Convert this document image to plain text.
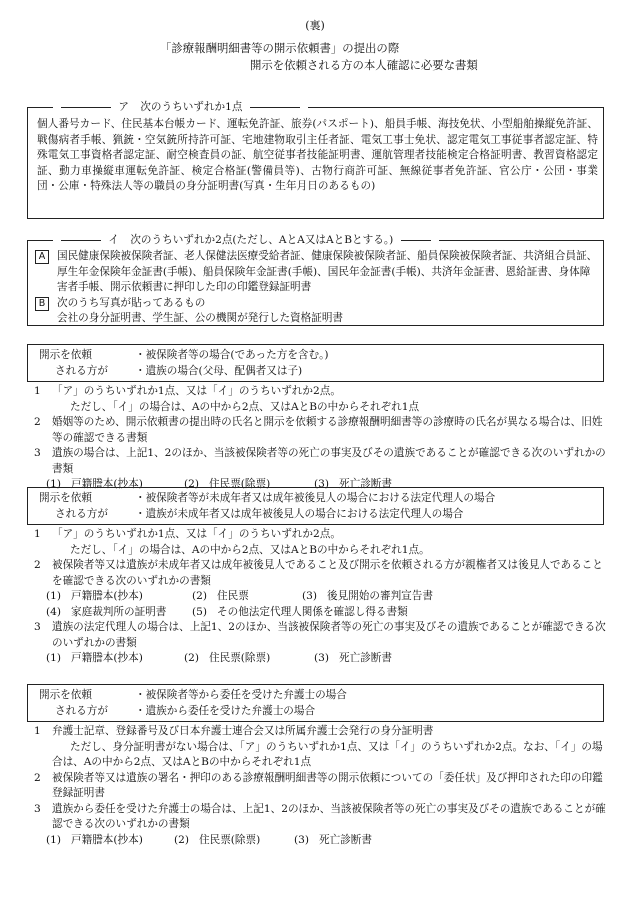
(裏)
「診療報酬明細書等の開示依頼書」の提出の際
開示を依頼される方の本人確認に必要な書類
ア 次のうちいずれか1点

個人番号カード、住民基本台帳カード、運転免許証、旅券(パスポート)、船員手帳、海技免状、小型船舶操縦免許証、戦傷病者手帳、猟銃・空気銃所持許可証、宅地建物取引主任者証、電気工事士免状、認定電気工事従事者認定証、特殊電気工事資格者認定証、耐空検査員の証、航空従事者技能証明書、運航管理者技能検定合格証明書、教習資格認定証、動力車操縦車運転免許証、検定合格証(警備員等)、古物行商許可証、無線従事者免許証、官公庁・公団・事業団・公庫・特殊法人等の職員の身分証明書(写真・生年月日のあるもの)

イ 次のうちいずれか2点(ただし、AとA又はAとBとする。)
A	国民健康保険被保険者証、老人保健法医療受給者証、健康保険被保険者証、船員保険被保険者証、共済組合員証、厚生年金保険年金証書(手帳)、船員保険年金証書(手帳)、国民年金証書(手帳)、共済年金証書、恩給証書、身体障害者手帳、開示依頼書に押印した印の印鑑登録証明書
B	次のうち写真が貼ってあるもの
会社の身分証明書、学生証、公の機関が発行した資格証明書
開示を依頼	・被保険者等の場合(であった方を含む。)
される方が	・遺族の場合(父母、配偶者又は子)
1	「ア」のうちいずれか1点、又は「イ」のうちいずれか2点。
ただし、「イ」の場合は、Aの中から2点、又はAとBの中からそれぞれ1点
2	婚姻等のため、開示依頼書の提出時の氏名と開示を依頼する診療報酬明細書等の診療時の氏名が異なる場合は、旧姓等の確認できる書類
3	遺族の場合は、上記1、2のほか、当該被保険者等の死亡の事実及びその遺族であることが確認できる次のいずれかの書類
(1) 戸籍謄本(抄本)	(2) 住民票(除票)	(3) 死亡診断書
開示を依頼	・被保険者等が未成年者又は成年被後見人の場合における法定代理人の場合
される方が	・遺族が未成年者又は成年被後見人の場合における法定代理人の場合
1	「ア」のうちいずれか1点、又は「イ」のうちいずれか2点。
ただし、「イ」の場合は、Aの中から2点、又はAとBの中からそれぞれ1点。
2	被保険者等又は遺族が未成年者又は成年被後見人であること及び開示を依頼される方が親権者又は後見人であることを確認できる次のいずれかの書類
(1) 戸籍謄本(抄本)	(2) 住民票	(3) 後見開始の審判宣告書
(4) 家庭裁判所の証明書	(5) その他法定代理人関係を確認し得る書類
3	遺族の法定代理人の場合は、上記1、2のほか、当該被保険者等の死亡の事実及びその遺族であることが確認できる次のいずれかの書類
(1) 戸籍謄本(抄本)	(2) 住民票(除票)	(3) 死亡診断書
開示を依頼	・被保険者等から委任を受けた弁護士の場合
される方が	・遺族から委任を受けた弁護士の場合
1	弁護士記章、登録番号及び日本弁護士連合会又は所属弁護士会発行の身分証明書
ただし、身分証明書がない場合は、「ア」のうちいずれか1点、又は「イ」のうちいずれか2点。なお、「イ」の場合は、Aの中から2点、又はAとBの中からそれぞれ1点
2	被保険者等又は遺族の署名・押印のある診療報酬明細書等の開示依頼についての「委任状」及び押印された印の印鑑登録証明書
3	遺族から委任を受けた弁護士の場合は、上記1、2のほか、当該被保険者等の死亡の事実及びその遺族であることが確認できる次のいずれかの書類
(1) 戸籍謄本(抄本)	(2) 住民票(除票)	(3) 死亡診断書
